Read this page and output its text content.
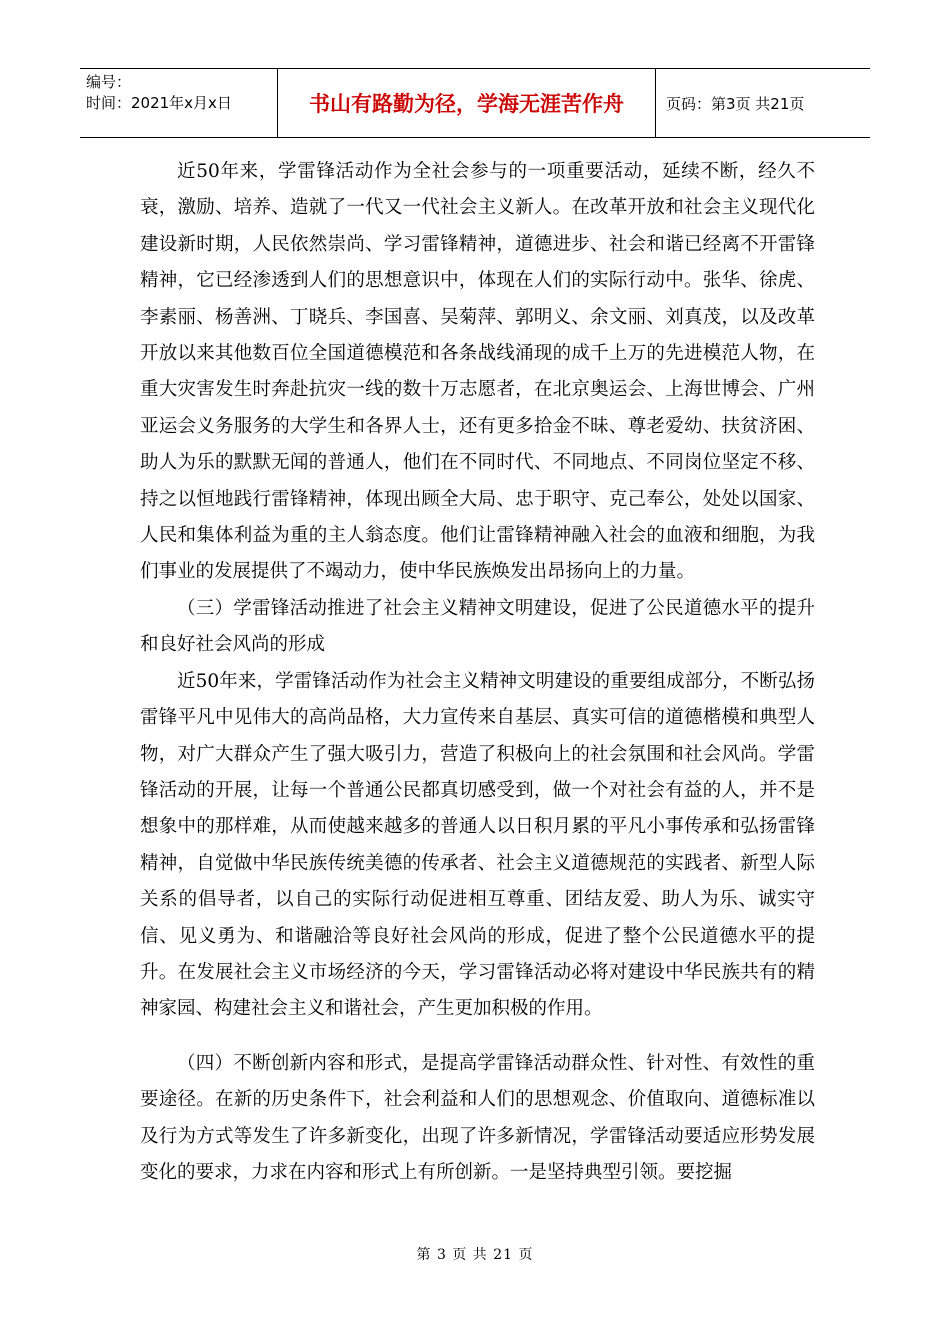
编号：
时间：2021年x月x日	书山有路勤为径，学海无涯苦作舟	页码：第3页 共21页

近50年来，学雷锋活动作为全社会参与的一项重要活动，延续不断，经久不衰，激励、培养、造就了一代又一代社会主义新人。在改革开放和社会主义现代化建设新时期，人民依然崇尚、学习雷锋精神，道德进步、社会和谐已经离不开雷锋精神，它已经渗透到人们的思想意识中，体现在人们的实际行动中。张华、徐虎、李素丽、杨善洲、丁晓兵、李国喜、吴菊萍、郭明义、余文丽、刘真茂，以及改革开放以来其他数百位全国道德模范和各条战线涌现的成千上万的先进模范人物，在重大灾害发生时奔赴抗灾一线的数十万志愿者，在北京奥运会、上海世博会、广州亚运会义务服务的大学生和各界人士，还有更多拾金不昧、尊老爱幼、扶贫济困、助人为乐的默默无闻的普通人，他们在不同时代、不同地点、不同岗位坚定不移、持之以恒地践行雷锋精神，体现出顾全大局、忠于职守、克己奉公，处处以国家、人民和集体利益为重的主人翁态度。他们让雷锋精神融入社会的血液和细胞，为我们事业的发展提供了不竭动力，使中华民族焕发出昂扬向上的力量。

（三）学雷锋活动推进了社会主义精神文明建设，促进了公民道德水平的提升和良好社会风尚的形成

近50年来，学雷锋活动作为社会主义精神文明建设的重要组成部分，不断弘扬雷锋平凡中见伟大的高尚品格，大力宣传来自基层、真实可信的道德楷模和典型人物，对广大群众产生了强大吸引力，营造了积极向上的社会氛围和社会风尚。学雷锋活动的开展，让每一个普通公民都真切感受到，做一个对社会有益的人，并不是想象中的那样难，从而使越来越多的普通人以日积月累的平凡小事传承和弘扬雷锋精神，自觉做中华民族传统美德的传承者、社会主义道德规范的实践者、新型人际关系的倡导者，以自己的实际行动促进相互尊重、团结友爱、助人为乐、诚实守信、见义勇为、和谐融洽等良好社会风尚的形成，促进了整个公民道德水平的提升。在发展社会主义市场经济的今天，学习雷锋活动必将对建设中华民族共有的精神家园、构建社会主义和谐社会，产生更加积极的作用。

（四）不断创新内容和形式，是提高学雷锋活动群众性、针对性、有效性的重要途径。在新的历史条件下，社会利益和人们的思想观念、价值取向、道德标准以及行为方式等发生了许多新变化，出现了许多新情况，学雷锋活动要适应形势发展变化的要求，力求在内容和形式上有所创新。一是坚持典型引领。要挖掘

第 3 页 共 21 页
